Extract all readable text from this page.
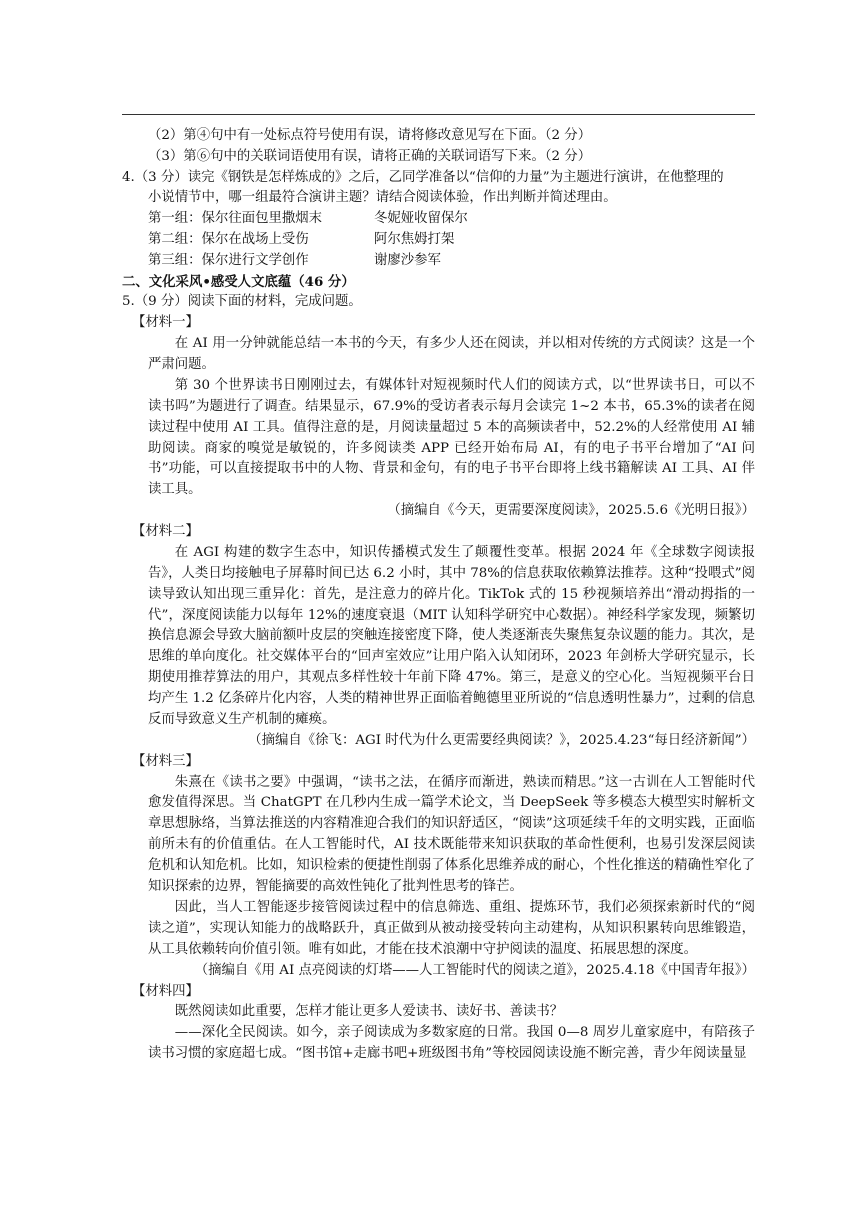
（2）第④句中有一处标点符号使用有误，请将修改意见写在下面。（2 分）
（3）第⑥句中的关联词语使用有误，请将正确的关联词语写下来。（2 分）
4.（3 分）读完《钢铁是怎样炼成的》之后，乙同学准备以“信仰的力量”为主题进行演讲，在他整理的
小说情节中，哪一组最符合演讲主题？请结合阅读体验，作出判断并简述理由。
第一组：保尔往面包里撒烟末	冬妮娅收留保尔
第二组：保尔在战场上受伤	阿尔焦姆打架
第三组：保尔进行文学创作	谢廖沙参军
二、文化采风•感受人文底蕴（46 分）
5.（9 分）阅读下面的材料，完成问题。
【材料一】

在 AI 用一分钟就能总结一本书的今天，有多少人还在阅读，并以相对传统的方式阅读？这是一个严肃问题。

第 30 个世界读书日刚刚过去，有媒体针对短视频时代人们的阅读方式，以“世界读书日，可以不读书吗”为题进行了调查。结果显示，67.9%的受访者表示每月会读完 1~2 本书，65.3%的读者在阅读过程中使用 AI 工具。值得注意的是，月阅读量超过 5 本的高频读者中，52.2%的人经常使用 AI 辅助阅读。商家的嗅觉是敏锐的，许多阅读类 APP 已经开始布局 AI，有的电子书平台增加了“AI 问书”功能，可以直接提取书中的人物、背景和金句，有的电子书平台即将上线书籍解读 AI 工具、AI 伴读工具。

（摘编自《今天，更需要深度阅读》，2025.5.6《光明日报》）
【材料二】

在 AGI 构建的数字生态中，知识传播模式发生了颠覆性变革。根据 2024 年《全球数字阅读报告》，人类日均接触电子屏幕时间已达 6.2 小时，其中 78%的信息获取依赖算法推荐。这种“投喂式”阅读导致认知出现三重异化：首先，是注意力的碎片化。TikTok 式的 15 秒视频培养出“滑动拇指的一代”，深度阅读能力以每年 12%的速度衰退（MIT 认知科学研究中心数据）。神经科学家发现，频繁切换信息源会导致大脑前额叶皮层的突触连接密度下降，使人类逐渐丧失聚焦复杂议题的能力。其次，是思维的单向度化。社交媒体平台的“回声室效应”让用户陷入认知闭环，2023 年剑桥大学研究显示，长期使用推荐算法的用户，其观点多样性较十年前下降 47%。第三，是意义的空心化。当短视频平台日均产生 1.2 亿条碎片化内容，人类的精神世界正面临着鲍德里亚所说的“信息透明性暴力”，过剩的信息反而导致意义生产机制的瘫痪。

（摘编自《徐飞：AGI 时代为什么更需要经典阅读？》，2025.4.23“每日经济新闻”）
【材料三】

朱熹在《读书之要》中强调，“读书之法，在循序而渐进，熟读而精思。”这一古训在人工智能时代愈发值得深思。当 ChatGPT 在几秒内生成一篇学术论文，当 DeepSeek 等多模态大模型实时解析文章思想脉络，当算法推送的内容精准迎合我们的知识舒适区，“阅读”这项延续千年的文明实践，正面临前所未有的价值重估。在人工智能时代，AI 技术既能带来知识获取的革命性便利，也易引发深层阅读危机和认知危机。比如，知识检索的便捷性削弱了体系化思维养成的耐心，个性化推送的精确性窄化了知识探索的边界，智能摘要的高效性钝化了批判性思考的锋芒。

因此，当人工智能逐步接管阅读过程中的信息筛选、重组、提炼环节，我们必须探索新时代的“阅读之道”，实现认知能力的战略跃升，真正做到从被动接受转向主动建构，从知识积累转向思维锻造，从工具依赖转向价值引领。唯有如此，才能在技术浪潮中守护阅读的温度、拓展思想的深度。

（摘编自《用 AI 点亮阅读的灯塔——人工智能时代的阅读之道》，2025.4.18《中国青年报》）
【材料四】

既然阅读如此重要，怎样才能让更多人爱读书、读好书、善读书？

——深化全民阅读。如今，亲子阅读成为多数家庭的日常。我国 0—8 周岁儿童家庭中，有陪孩子读书习惯的家庭超七成。“图书馆+走廊书吧+班级图书角”等校园阅读设施不断完善，青少年阅读量显
